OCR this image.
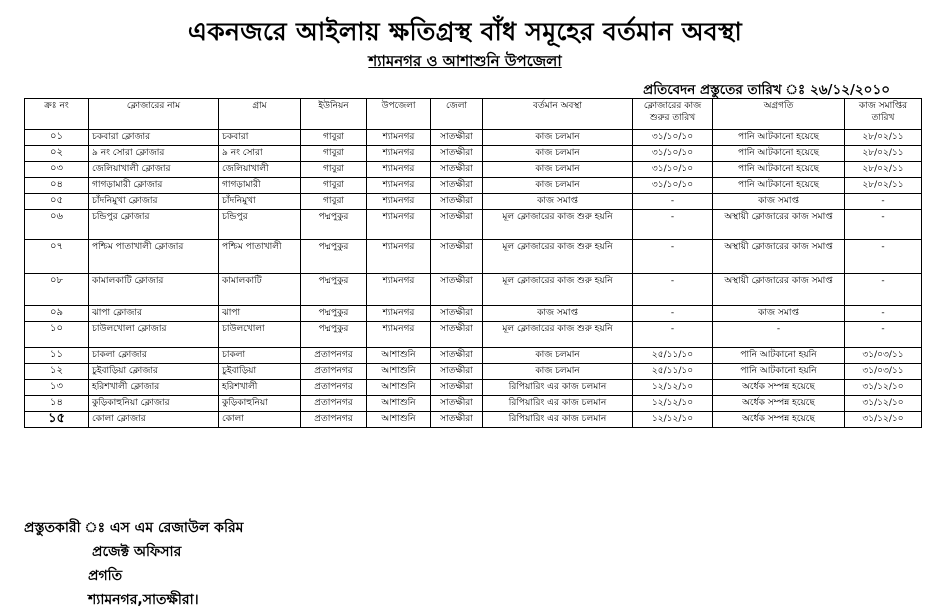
একনজরে আইলায় ক্ষতিগ্রস্থ বাঁধ সমূহের বর্তমান অবস্থা
শ্যামনগর ও আশাশুনি উপজেলা
প্রতিবেদন প্রস্তুতের তারিখ ঃ ২৬/১২/২০১০
ক্রঃ নং	ক্লোজারের নাম	গ্রাম	ইউনিয়ন	উপজেলা	জেলা	বর্তমান অবস্থা	ক্লোজারের কাজ শুরুর তারিখ	অগ্রগতি	কাজ সমাপ্তির তারিখ
০১	চকবারা ক্লোজার	চকবারা	গাবুরা	শ্যামনগর	সাতক্ষীরা	কাজ চলমান	৩১/১০/১০	পানি আটকানো হয়েছে	২৮/০২/১১
০২	৯ নং সোরা ক্লোজার	৯ নং সোরা	গাবুরা	শ্যামনগর	সাতক্ষীরা	কাজ চলমান	৩১/১০/১০	পানি আটকানো হয়েছে	২৮/০২/১১
০৩	জেলিয়াখালী ক্লোজার	জেলিয়াখালী	গাবুরা	শ্যামনগর	সাতক্ষীরা	কাজ চলমান	৩১/১০/১০	পানি আটকানো হয়েছে	২৮/০২/১১
০৪	গাগড়ামারী ক্লোজার	গাগড়ামারী	গাবুরা	শ্যামনগর	সাতক্ষীরা	কাজ চলমান	৩১/১০/১০	পানি আটকানো হয়েছে	২৮/০২/১১
০৫	চাঁদনিমুখা ক্লোজার	চাঁদনিমুখা	গাবুরা	শ্যামনগর	সাতক্ষীরা	কাজ সমাপ্ত	-	কাজ সমাপ্ত	-
০৬	চন্ডিপুর ক্লোজার	চন্ডিপুর	পদ্মপুকুর	শ্যামনগর	সাতক্ষীরা	মূল ক্লোজারের কাজ শুরু হয়নি	-	অস্থায়ী ক্লোজারের কাজ সমাপ্ত	-
০৭	পশ্চিম পাতাখালী ক্লোজার	পশ্চিম পাতাখালী	পদ্মপুকুর	শ্যামনগর	সাতক্ষীরা	মূল ক্লোজারের কাজ শুরু হয়নি	-	অস্থায়ী ক্লোজারের কাজ সমাপ্ত	-
০৮	কামালকাটি ক্লোজার	কামালকাটি	পদ্মপুকুর	শ্যামনগর	সাতক্ষীরা	মূল ক্লোজারের কাজ শুরু হয়নি	-	অস্থায়ী ক্লোজারের কাজ সমাপ্ত	-
০৯	ঝাপা ক্লোজার	ঝাপা	পদ্মপুকুর	শ্যামনগর	সাতক্ষীরা	কাজ সমাপ্ত	-	কাজ সমাপ্ত	-
১০	চাউলখোলা ক্লোজার	চাউলখোলা	পদ্মপুকুর	শ্যামনগর	সাতক্ষীরা	মূল ক্লোজারের কাজ শুরু হয়নি	-	-	-
১১	চাকলা ক্লোজার	চাকলা	প্রতাপনগর	আশাশুনি	সাতক্ষীরা	কাজ চলমান	২৫/১১/১০	পানি আটকানো হয়নি	৩১/০৩/১১
১২	চুইবাড়িয়া ক্লোজার	চুইবাড়িয়া	প্রতাপনগর	আশাশুনি	সাতক্ষীরা	কাজ চলমান	২৫/১১/১০	পানি আটকানো হয়নি	৩১/০৩/১১
১৩	হরিশখালী ক্লোজার	হরিশখালী	প্রতাপনগর	আশাশুনি	সাতক্ষীরা	রিপিয়ারিং এর কাজ চলমান	১২/১২/১০	অর্ধেক সম্পন্ন হয়েছে	৩১/১২/১০
১৪	কুড়িকাহুনিয়া ক্লোজার	কুড়িকাহুনিয়া	প্রতাপনগর	আশাশুনি	সাতক্ষীরা	রিপিয়ারিং এর কাজ চলমান	১২/১২/১০	অর্ধেক সম্পন্ন হয়েছে	৩১/১২/১০
১৫	কোলা ক্লোজার	কোলা	প্রতাপনগর	আশাশুনি	সাতক্ষীরা	রিপিয়ারিং এর কাজ চলমান	১২/১২/১০	অর্ধেক সম্পন্ন হয়েছে	৩১/১২/১০
প্রস্তুতকারী ঃ এস এম রেজাউল করিম
প্রজেক্ট অফিসার
প্রগতি
শ্যামনগর,সাতক্ষীরা।
